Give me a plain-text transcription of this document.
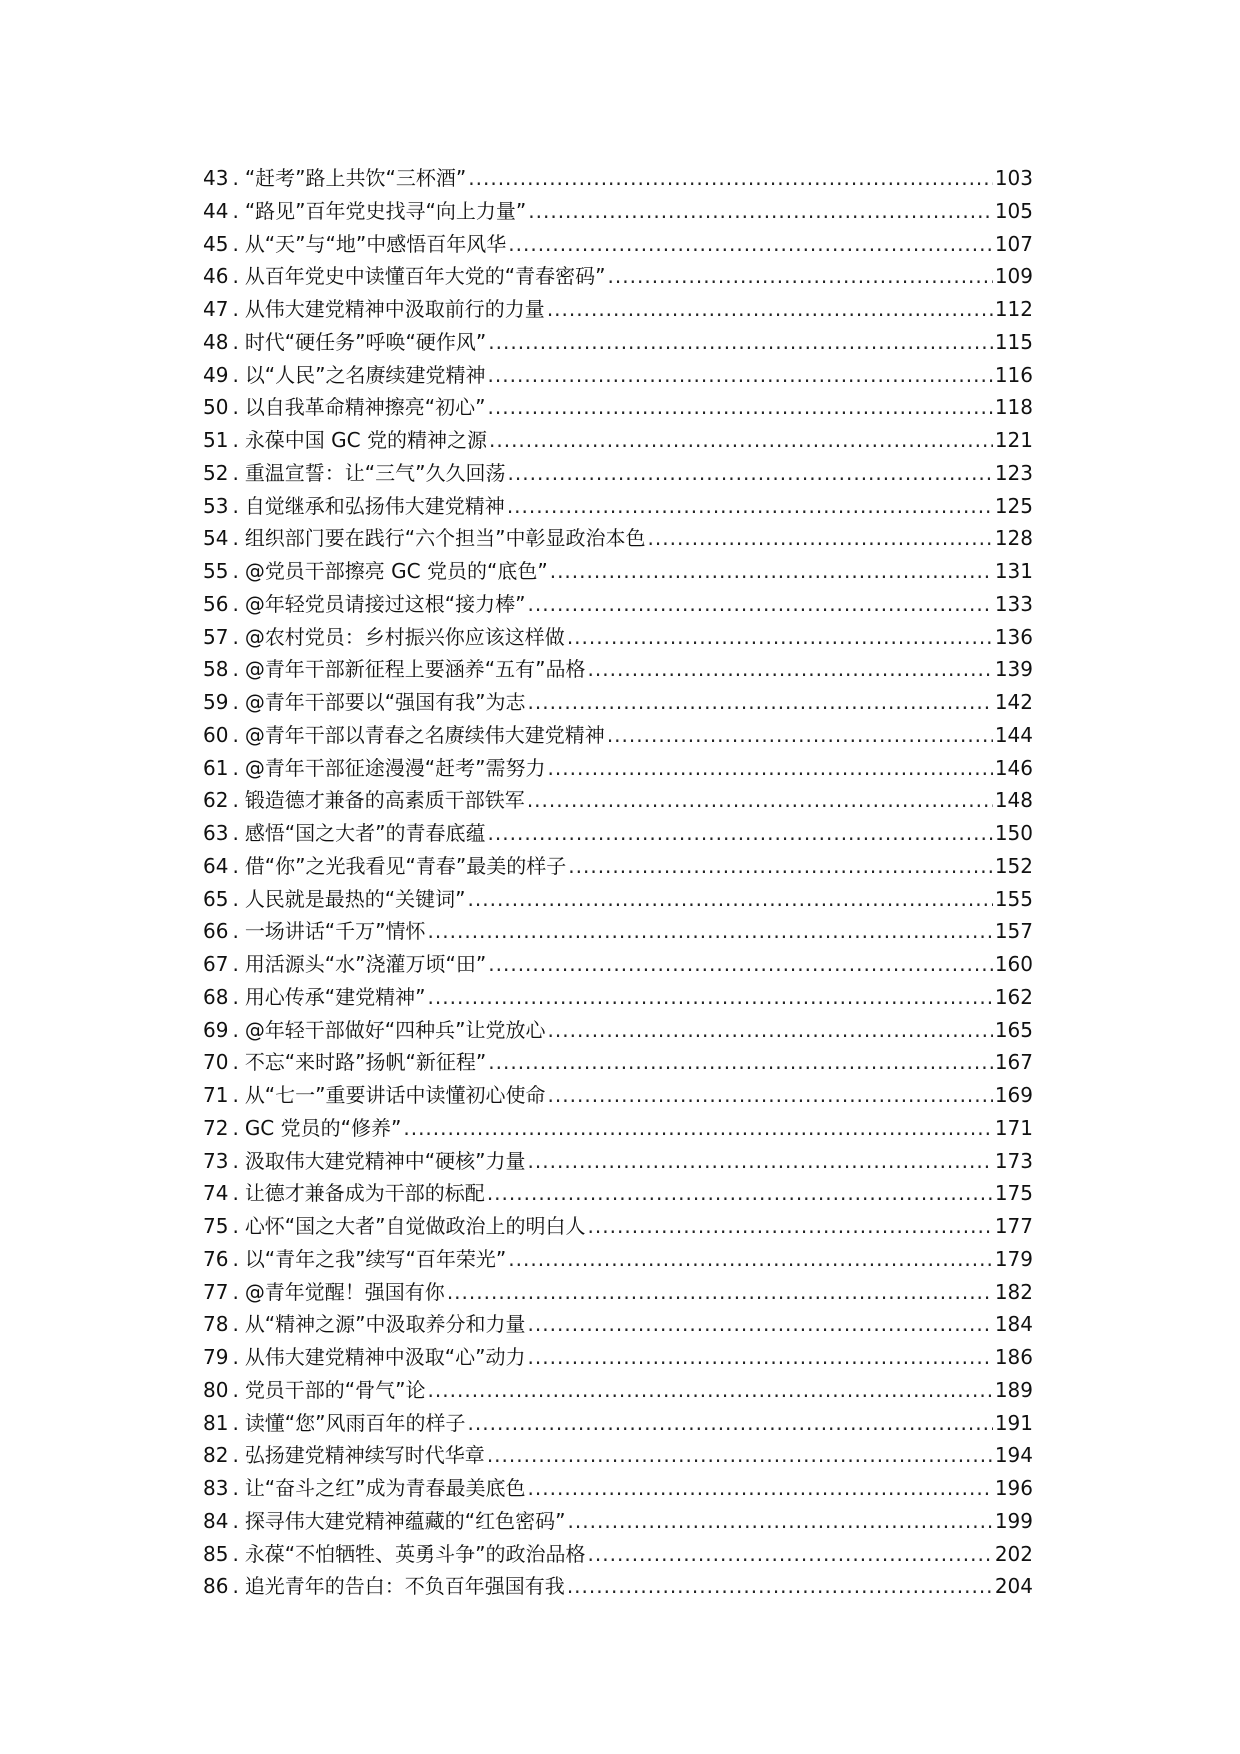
43 . “赶考”路上共饮“三杯酒” .....	103
44 . “路见”百年党史找寻“向上力量” .....	105
45 . 从“天”与“地”中感悟百年风华 .....	107
46 . 从百年党史中读懂百年大党的“青春密码” .....	109
47 . 从伟大建党精神中汲取前行的力量 .....	112
48 . 时代“硬任务”呼唤“硬作风” .....	115
49 . 以“人民”之名赓续建党精神 .....	116
50 . 以自我革命精神擦亮“初心” .....	118
51 . 永葆中国 GC 党的精神之源 .....	121
52 . 重温宣誓：让“三气”久久回荡 .....	123
53 . 自觉继承和弘扬伟大建党精神 .....	125
54 . 组织部门要在践行“六个担当”中彰显政治本色 .....	128
55 . @党员干部擦亮 GC 党员的“底色” .....	131
56 . @年轻党员请接过这根“接力棒” .....	133
57 . @农村党员：乡村振兴你应该这样做 .....	136
58 . @青年干部新征程上要涵养“五有”品格 .....	139
59 . @青年干部要以“强国有我”为志 .....	142
60 . @青年干部以青春之名赓续伟大建党精神 .....	144
61 . @青年干部征途漫漫“赶考”需努力 .....	146
62 . 锻造德才兼备的高素质干部铁军 .....	148
63 . 感悟“国之大者”的青春底蕴 .....	150
64 . 借“你”之光我看见“青春”最美的样子 .....	152
65 . 人民就是最热的“关键词” .....	155
66 . 一场讲话“千万”情怀 .....	157
67 . 用活源头“水”浇灌万顷“田” .....	160
68 . 用心传承“建党精神” .....	162
69 . @年轻干部做好“四种兵”让党放心 .....	165
70 . 不忘“来时路”扬帆“新征程” .....	167
71 . 从“七一”重要讲话中读懂初心使命 .....	169
72 . GC 党员的“修养” .....	171
73 . 汲取伟大建党精神中“硬核”力量 .....	173
74 . 让德才兼备成为干部的标配 .....	175
75 . 心怀“国之大者”自觉做政治上的明白人 .....	177
76 . 以“青年之我”续写“百年荣光” .....	179
77 . @青年觉醒！强国有你 .....	182
78 . 从“精神之源”中汲取养分和力量 .....	184
79 . 从伟大建党精神中汲取“心”动力 .....	186
80 . 党员干部的“骨气”论 .....	189
81 . 读懂“您”风雨百年的样子 .....	191
82 . 弘扬建党精神续写时代华章 .....	194
83 . 让“奋斗之红”成为青春最美底色 .....	196
84 . 探寻伟大建党精神蕴藏的“红色密码” .....	199
85 . 永葆“不怕牺牲、英勇斗争”的政治品格 .....	202
86 . 追光青年的告白：不负百年强国有我 .....	204
